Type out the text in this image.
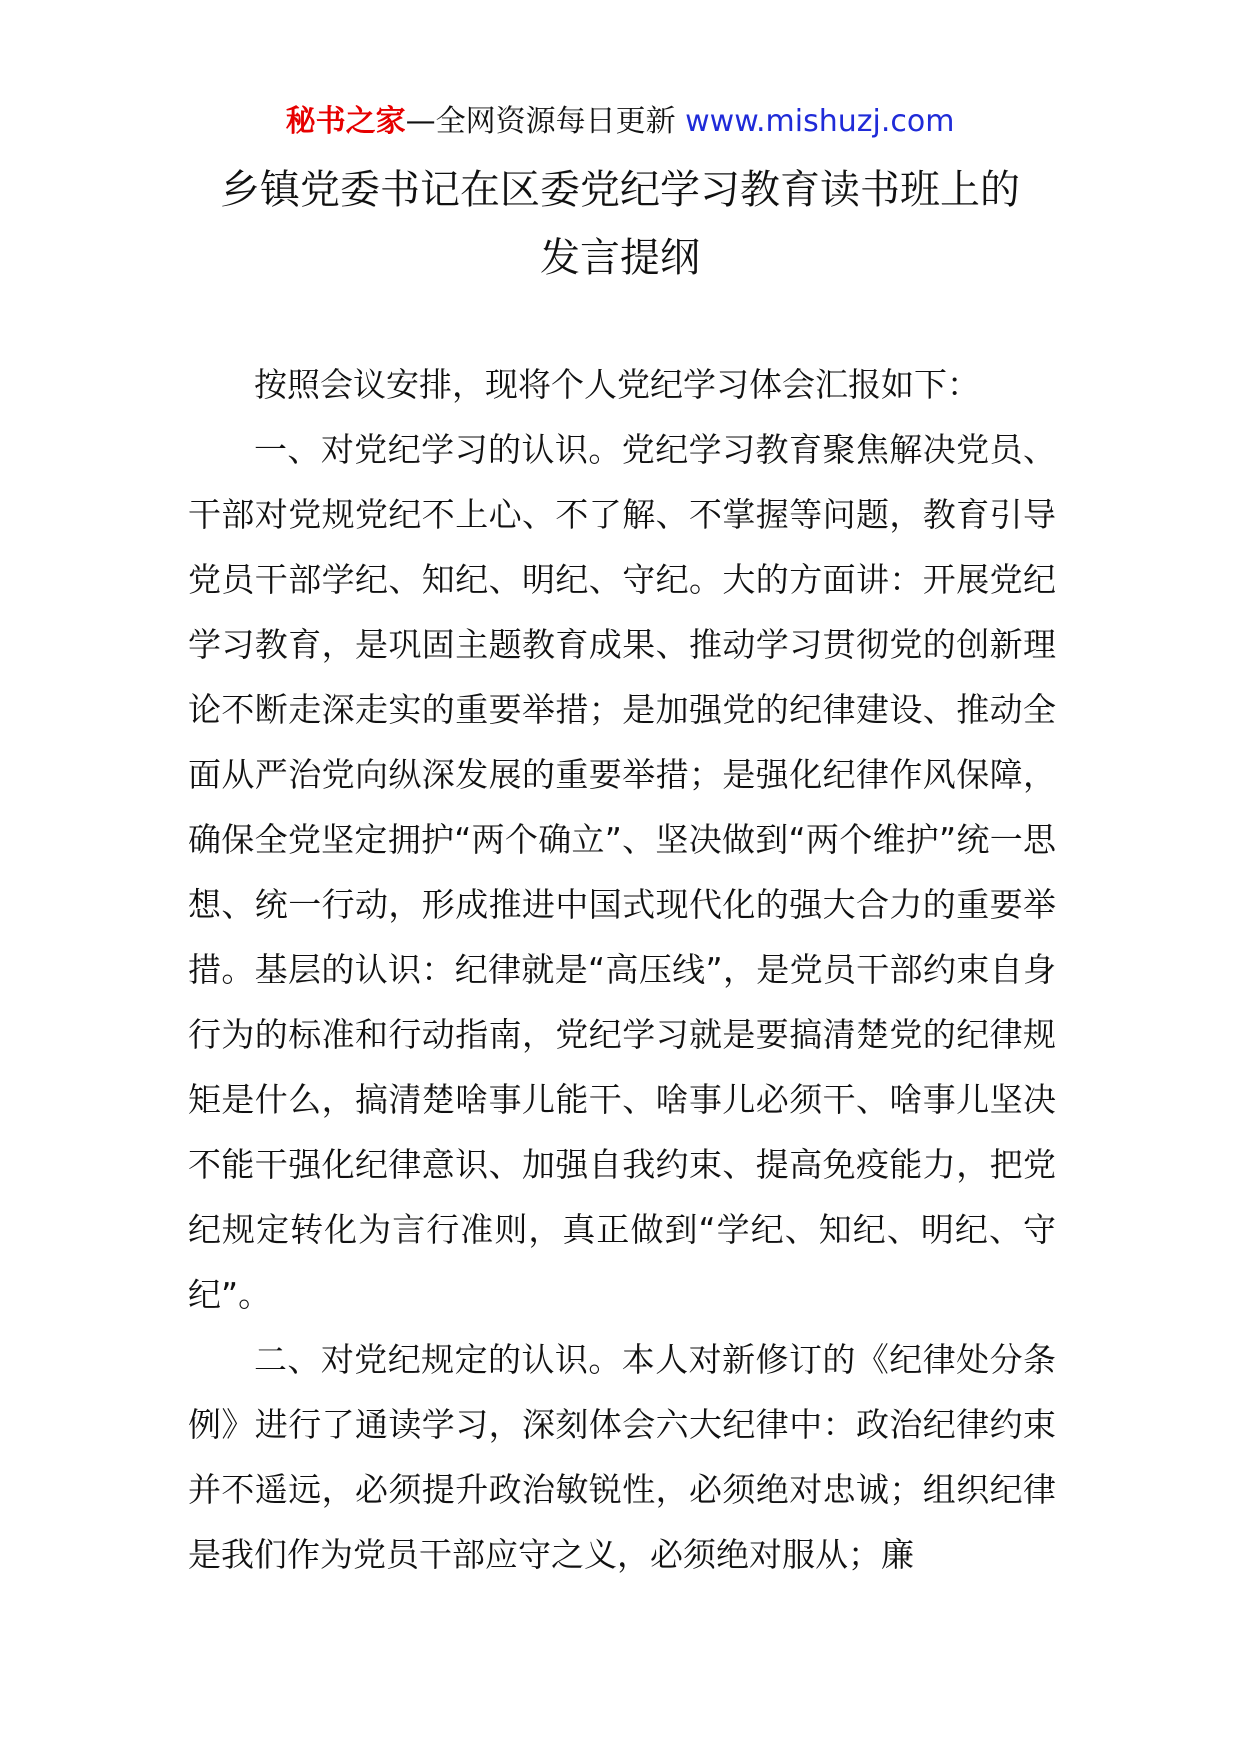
秘书之家—全网资源每日更新 www.mishuzj.com
乡镇党委书记在区委党纪学习教育读书班上的
发言提纲

按照会议安排，现将个人党纪学习体会汇报如下：

一、对党纪学习的认识。党纪学习教育聚焦解决党员、干部对党规党纪不上心、不了解、不掌握等问题，教育引导党员干部学纪、知纪、明纪、守纪。大的方面讲：开展党纪学习教育，是巩固主题教育成果、推动学习贯彻党的创新理论不断走深走实的重要举措；是加强党的纪律建设、推动全面从严治党向纵深发展的重要举措；是强化纪律作风保障，确保全党坚定拥护“两个确立”、坚决做到“两个维护”统一思想、统一行动，形成推进中国式现代化的强大合力的重要举措。基层的认识：纪律就是“高压线”，是党员干部约束自身行为的标准和行动指南，党纪学习就是要搞清楚党的纪律规矩是什么，搞清楚啥事儿能干、啥事儿必须干、啥事儿坚决不能干强化纪律意识、加强自我约束、提高免疫能力，把党纪规定转化为言行准则，真正做到“学纪、知纪、明纪、守纪”。

二、对党纪规定的认识。本人对新修订的《纪律处分条例》进行了通读学习，深刻体会六大纪律中：政治纪律约束并不遥远，必须提升政治敏锐性，必须绝对忠诚；组织纪律是我们作为党员干部应守之义，必须绝对服从；廉
